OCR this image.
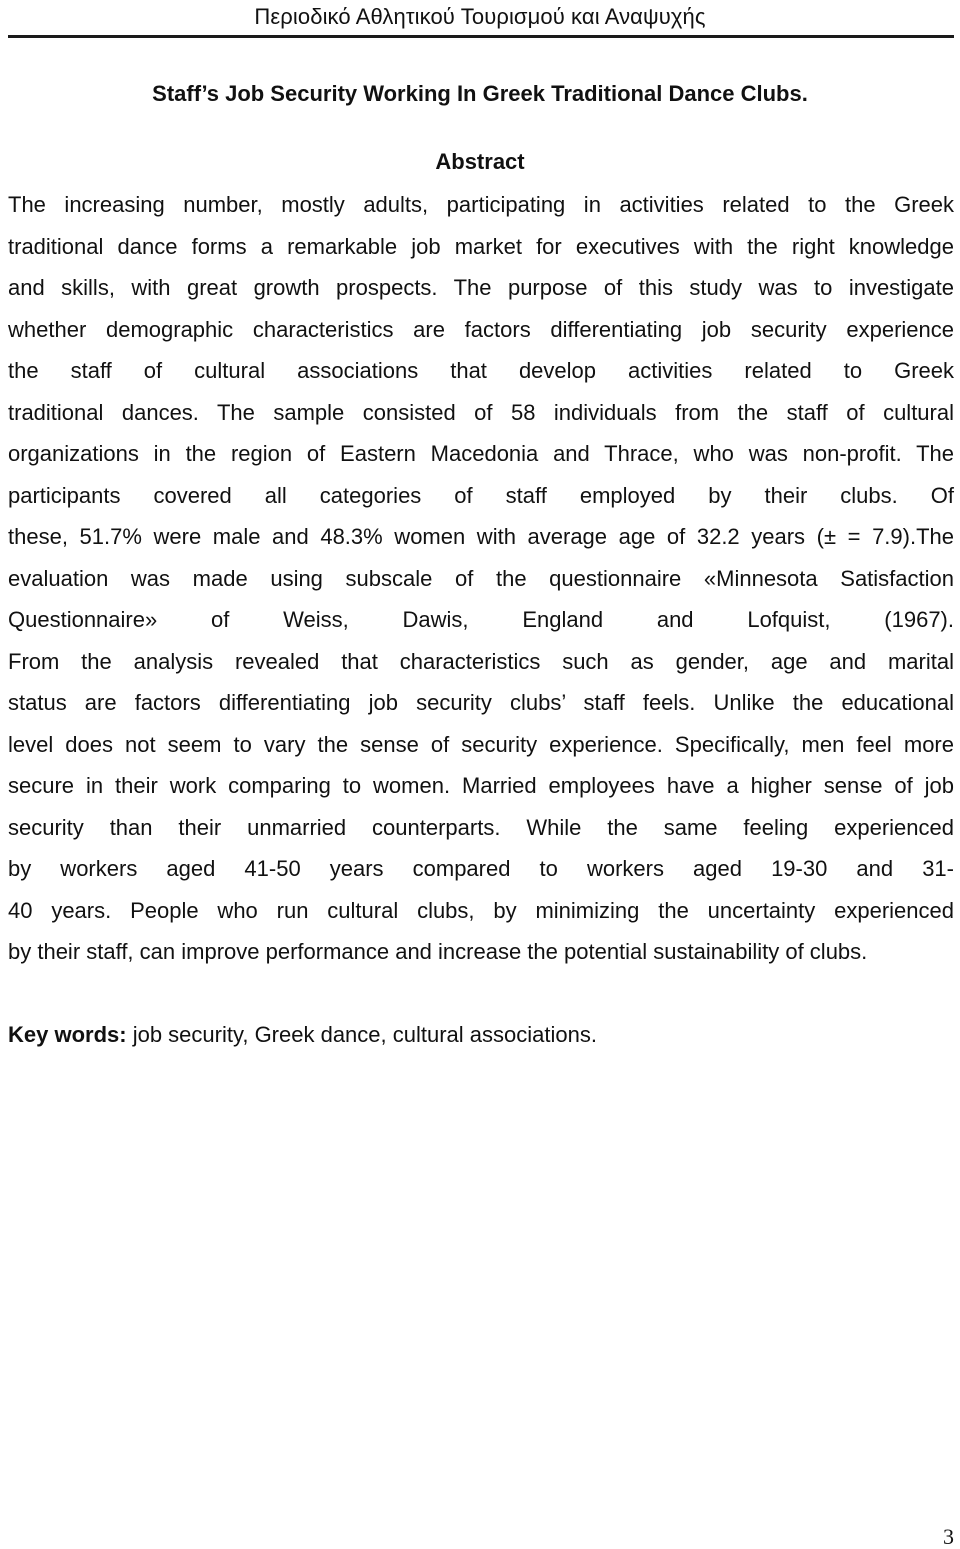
Περιοδικό Αθλητικού Τουρισμού και Αναψυχής
Staff’s Job Security Working In Greek Traditional Dance Clubs.
Abstract
The increasing number, mostly adults, participating in activities related to the Greek
traditional dance forms a remarkable job market for executives with the right knowledge
and skills, with great growth prospects. The purpose of this study was to investigate
whether demographic characteristics are factors differentiating job security experience
the staff of cultural associations that develop activities related to Greek
traditional dances. The sample consisted of 58 individuals from the staff of cultural
organizations in the region of Eastern Macedonia and Thrace, who was non-profit. The
participants covered all categories of staff employed by their clubs. Of
these, 51.7% were male and 48.3% women with average age of 32.2 years (± = 7.9).The
evaluation was made using subscale of the questionnaire «Minnesota Satisfaction
Questionnaire» of Weiss, Dawis, England and Lofquist, (1967).
From the analysis revealed that characteristics such as gender, age and marital
status are factors differentiating job security clubs’ staff feels. Unlike the educational
level does not seem to vary the sense of security experience. Specifically, men feel more
secure in their work comparing to women. Married employees have a higher sense of job
security than their unmarried counterparts. While the same feeling experienced
by workers aged 41-50 years compared to workers aged 19-30 and 31-
40 years. People who run cultural clubs, by minimizing the uncertainty experienced
by their staff, can improve performance and increase the potential sustainability of clubs.
Key words: job security, Greek dance, cultural associations.
3
